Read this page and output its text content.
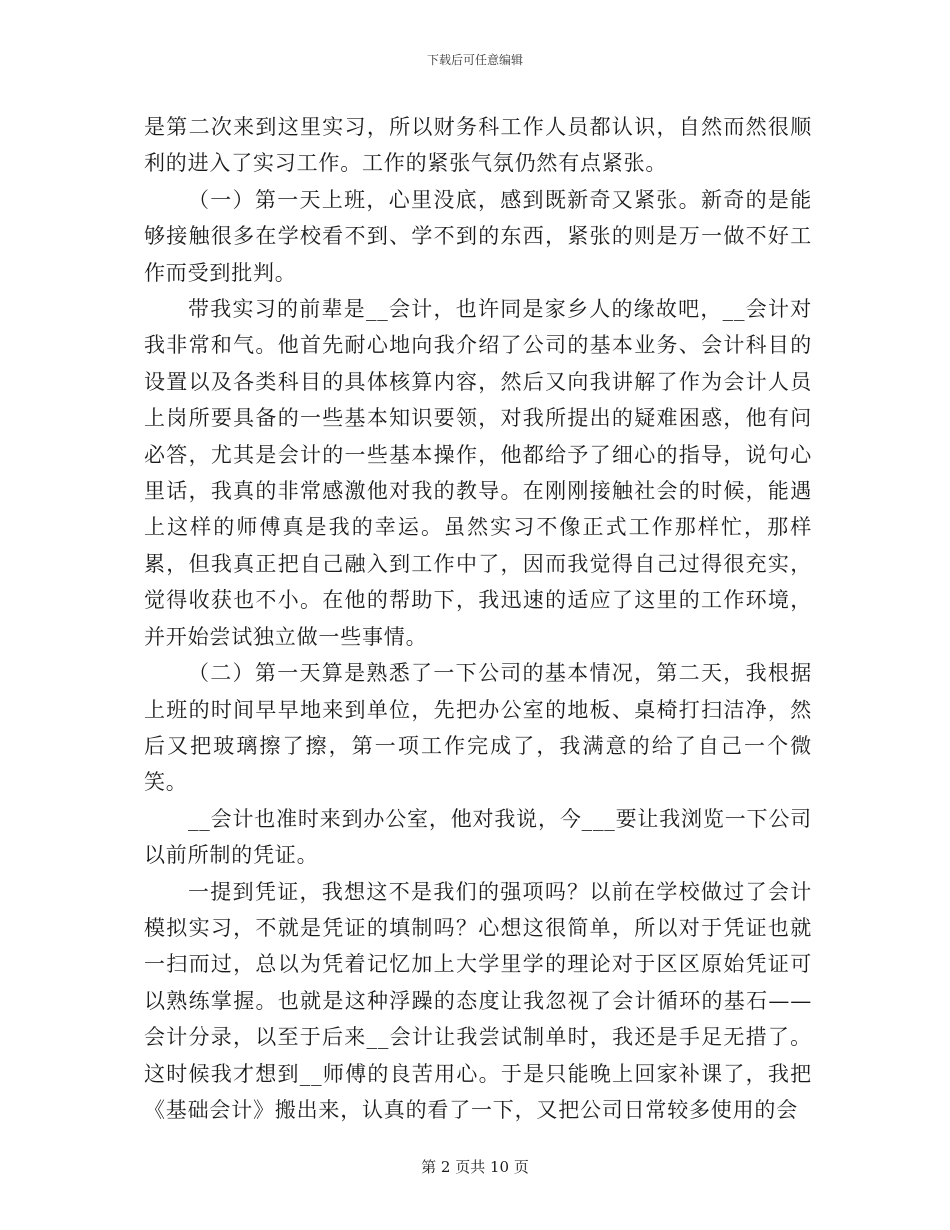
下载后可任意编辑

是第二次来到这里实习，所以财务科工作人员都认识，自然而然很顺利的进入了实习工作。工作的紧张气氛仍然有点紧张。

（一）第一天上班，心里没底，感到既新奇又紧张。新奇的是能够接触很多在学校看不到、学不到的东西，紧张的则是万一做不好工作而受到批判。

带我实习的前辈是__会计，也许同是家乡人的缘故吧，__会计对我非常和气。他首先耐心地向我介绍了公司的基本业务、会计科目的设置以及各类科目的具体核算内容，然后又向我讲解了作为会计人员上岗所要具备的一些基本知识要领，对我所提出的疑难困惑，他有问必答，尤其是会计的一些基本操作，他都给予了细心的指导，说句心里话，我真的非常感激他对我的教导。在刚刚接触社会的时候，能遇上这样的师傅真是我的幸运。虽然实习不像正式工作那样忙，那样累，但我真正把自己融入到工作中了，因而我觉得自己过得很充实，觉得收获也不小。在他的帮助下，我迅速的适应了这里的工作环境，并开始尝试独立做一些事情。

（二）第一天算是熟悉了一下公司的基本情况，第二天，我根据上班的时间早早地来到单位，先把办公室的地板、桌椅打扫洁净，然后又把玻璃擦了擦，第一项工作完成了，我满意的给了自己一个微笑。

__会计也准时来到办公室，他对我说，今___要让我浏览一下公司以前所制的凭证。

一提到凭证，我想这不是我们的强项吗？以前在学校做过了会计模拟实习，不就是凭证的填制吗？心想这很简单，所以对于凭证也就一扫而过，总以为凭着记忆加上大学里学的理论对于区区原始凭证可以熟练掌握。也就是这种浮躁的态度让我忽视了会计循环的基石——会计分录，以至于后来__会计让我尝试制单时，我还是手足无措了。这时候我才想到__师傅的良苦用心。于是只能晚上回家补课了，我把《基础会计》搬出来，认真的看了一下，又把公司日常较多使用的会

第 2 页共 10 页
